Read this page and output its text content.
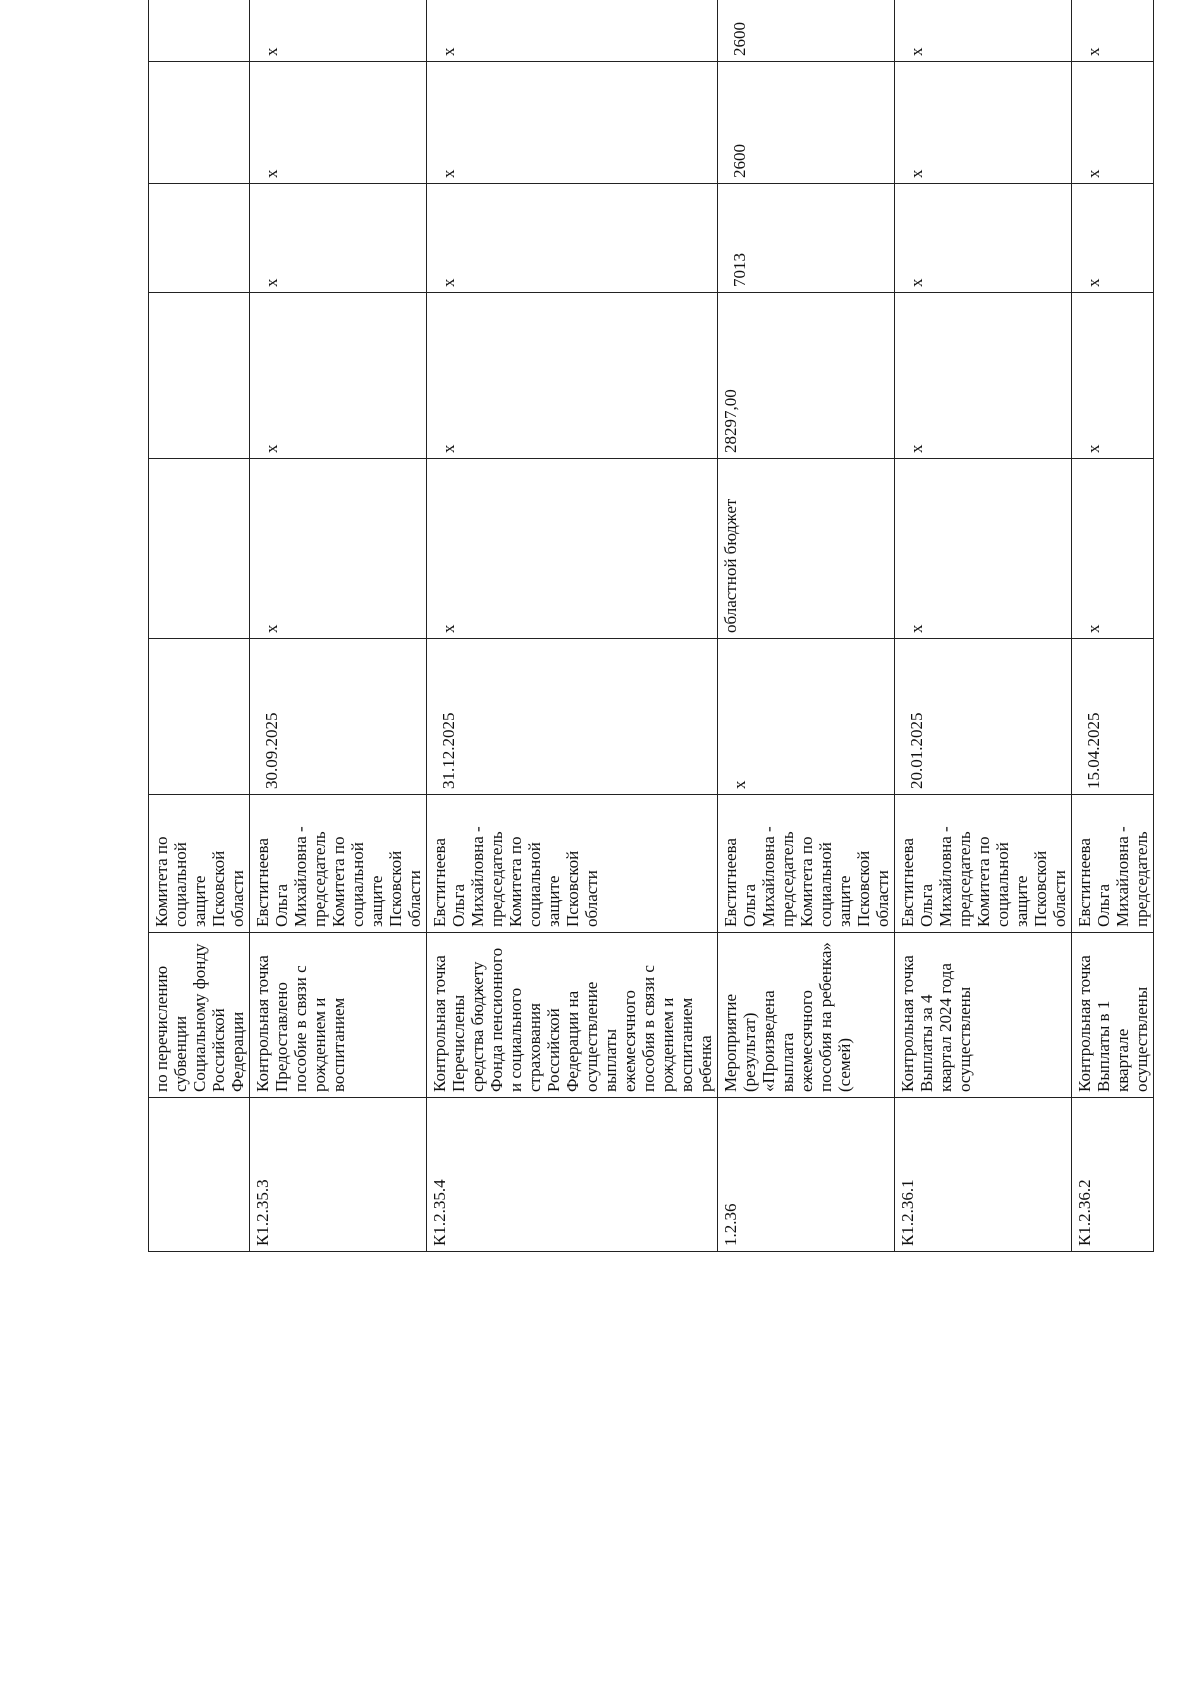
	по перечислению субвенции Социальному фонду Российской Федерации	Комитета по социальной защите Псковской области							
К1.2.35.3	Контрольная точка Предоставлено пособие в связи с рождением и воспитанием	Евстигнеева Ольга Михайловна - председатель Комитета по социальной защите Псковской области	30.09.2025	x	x	x	x	x	
К1.2.35.4	Контрольная точка Перечислены средства бюджету Фонда пенсионного и социального страхования Российской Федерации на осуществление выплаты ежемесячного пособия в связи с рождением и воспитанием ребенка	Евстигнеева Ольга Михайловна - председатель Комитета по социальной защите Псковской области	31.12.2025	x	x	x	x	x	
1.2.36	Мероприятие (результат) «Произведена выплата ежемесячного пособия на ребенка» (семей)	Евстигнеева Ольга Михайловна - председатель Комитета по социальной защите Псковской области	x	областной бюджет	28297,00	7013	2600	2600	
К1.2.36.1	Контрольная точка Выплаты за 4 квартал 2024 года осуществлены	Евстигнеева Ольга Михайловна - председатель Комитета по социальной защите Псковской области	20.01.2025	x	x	x	x	x	
К1.2.36.2	Контрольная точка Выплаты в 1 квартале осуществлены	Евстигнеева Ольга Михайловна - председатель	15.04.2025	x	x	x	x	x	
